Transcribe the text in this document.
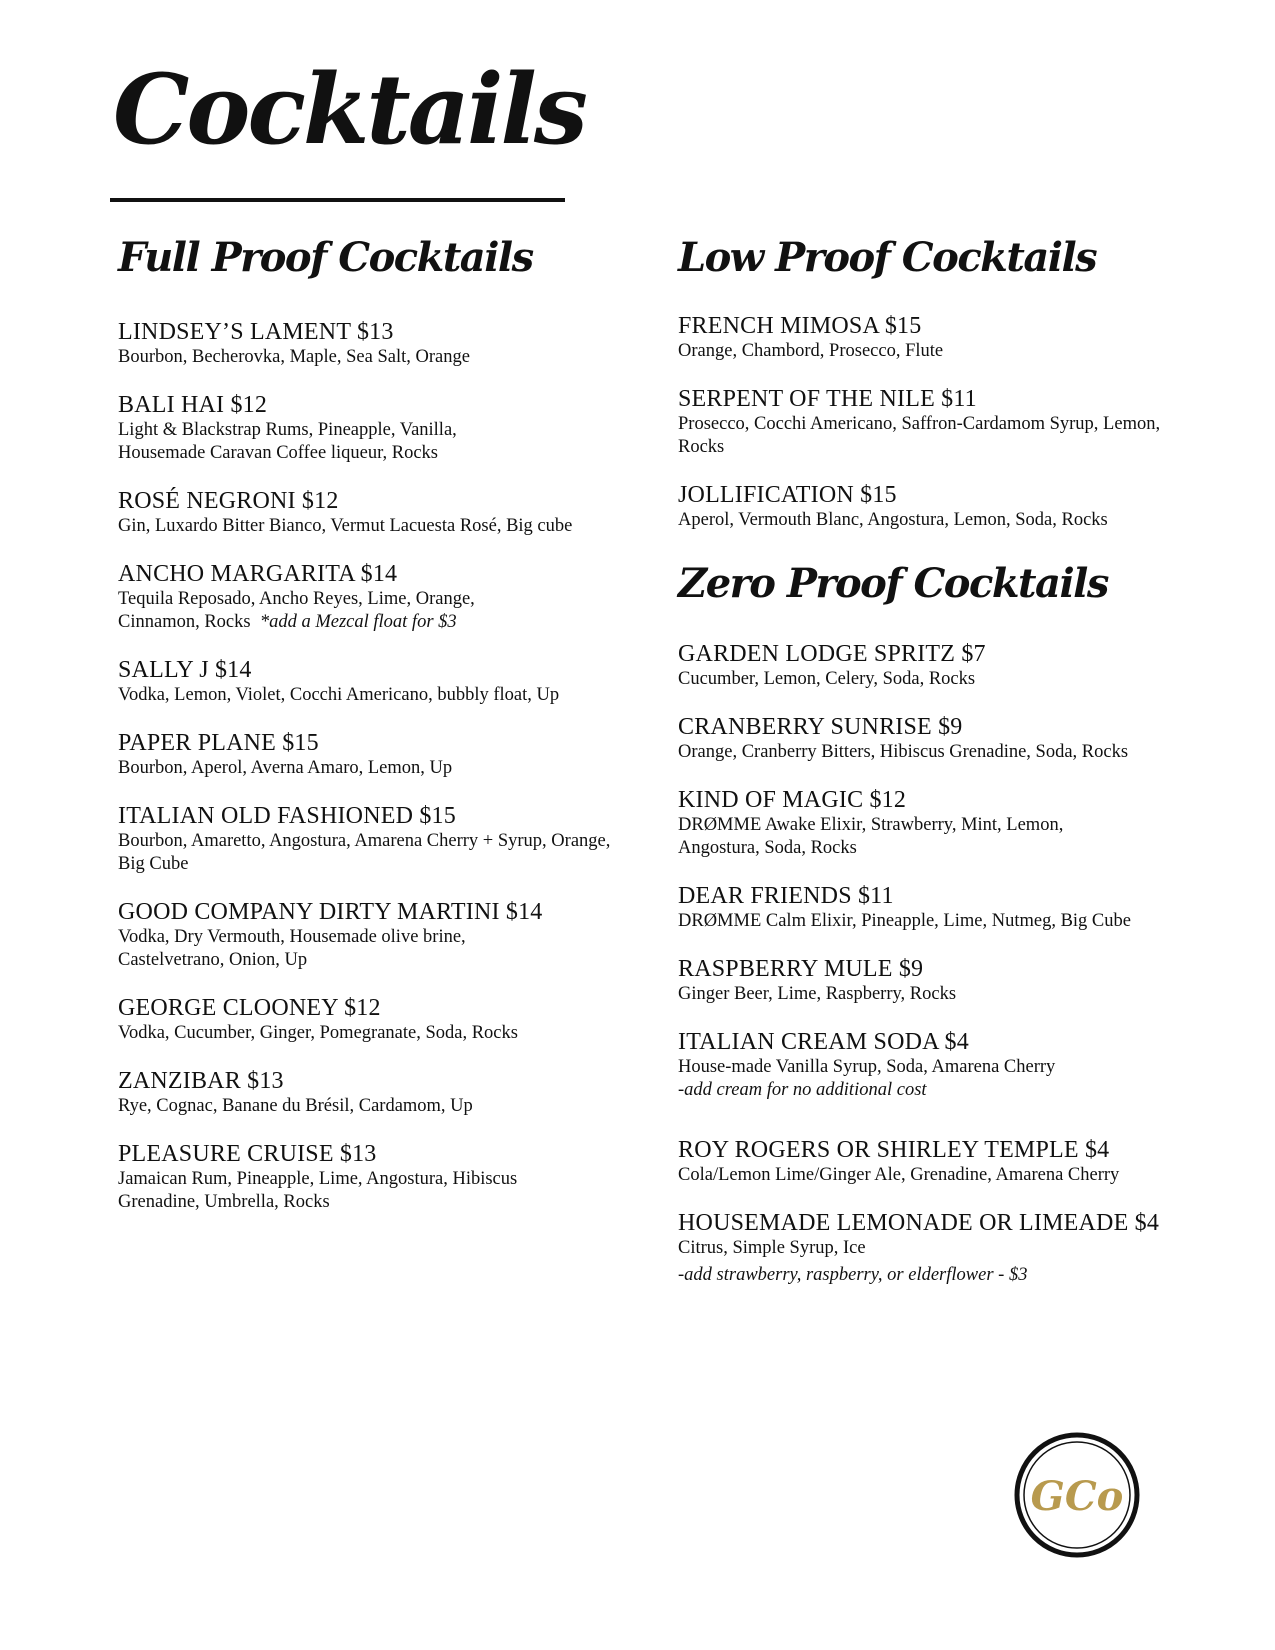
Cocktails
Full Proof Cocktails
LINDSEY’S LAMENT $13
Bourbon, Becherovka, Maple, Sea Salt, Orange
BALI HAI $12
Light & Blackstrap Rums, Pineapple, Vanilla, Housemade Caravan Coffee liqueur, Rocks
ROSÉ NEGRONI $12
Gin, Luxardo Bitter Bianco, Vermut Lacuesta Rosé, Big cube
ANCHO MARGARITA $14
Tequila Reposado, Ancho Reyes, Lime, Orange, Cinnamon, Rocks *add a Mezcal float for $3
SALLY J $14
Vodka, Lemon, Violet, Cocchi Americano, bubbly float, Up
PAPER PLANE $15
Bourbon, Aperol, Averna Amaro, Lemon, Up
ITALIAN OLD FASHIONED $15
Bourbon, Amaretto, Angostura, Amarena Cherry + Syrup, Orange, Big Cube
GOOD COMPANY DIRTY MARTINI $14
Vodka, Dry Vermouth, Housemade olive brine, Castelvetrano, Onion, Up
GEORGE CLOONEY $12
Vodka, Cucumber, Ginger, Pomegranate, Soda, Rocks
ZANZIBAR $13
Rye, Cognac, Banane du Brésil, Cardamom, Up
PLEASURE CRUISE $13
Jamaican Rum, Pineapple, Lime, Angostura, Hibiscus Grenadine, Umbrella, Rocks
Low Proof Cocktails
FRENCH MIMOSA $15
Orange, Chambord, Prosecco, Flute
SERPENT OF THE NILE $11
Prosecco, Cocchi Americano, Saffron-Cardamom Syrup, Lemon, Rocks
JOLLIFICATION $15
Aperol, Vermouth Blanc, Angostura, Lemon, Soda, Rocks
Zero Proof Cocktails
GARDEN LODGE SPRITZ $7
Cucumber, Lemon, Celery, Soda, Rocks
CRANBERRY SUNRISE $9
Orange, Cranberry Bitters, Hibiscus Grenadine, Soda, Rocks
KIND OF MAGIC $12
DRØMME Awake Elixir, Strawberry, Mint, Lemon, Angostura, Soda, Rocks
DEAR FRIENDS $11
DRØMME Calm Elixir, Pineapple, Lime, Nutmeg, Big Cube
RASPBERRY MULE $9
Ginger Beer, Lime, Raspberry, Rocks
ITALIAN CREAM SODA $4
House-made Vanilla Syrup, Soda, Amarena Cherry
-add cream for no additional cost
ROY ROGERS OR SHIRLEY TEMPLE $4
Cola/Lemon Lime/Ginger Ale, Grenadine, Amarena Cherry
HOUSEMADE LEMONADE OR LIMEADE $4
Citrus, Simple Syrup, Ice
-add strawberry, raspberry, or elderflower - $3
GCo
